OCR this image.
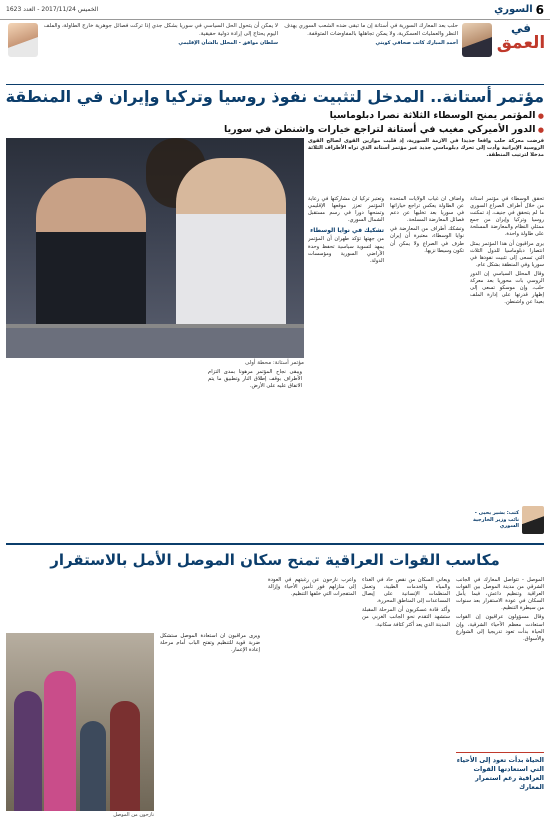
6
السوري
الخميس 2017/11/24 - العدد 1623
في
العمق
حلب بعد المعارك السورية في أستانة إن ما تبقى ضده الشعب السوري يهدف النظر والعمليات العسكرية، ولا يمكن تجاهلها بالمفاوضات المتوقفة.
أحمد المبارك كاتب صحافي كويتي
لا يمكن أن يتحول الحل السياسي في سوريا بشكل جدي إذا تركت فصائل جوهرية خارج الطاولة، والملف اليوم يحتاج إلى إرادة دولية حقيقية.
سلطان موافق - المحلل بالشأن الإقليمي
مؤتمر أستانة.. المدخل لتثبيت نفوذ روسيا وتركيا وإيران في المنطقة
● المؤتمر يمنح الوسطاء الثلاثة نصرا دبلوماسيا
● الدور الأميركي مغيب في أستانة لتراجع خيارات واشنطن في سوريا
مؤتمر أستانة: محطة أولى
فرضت معركة حلب واقعا جديدا في الأزمة السورية، إذ قلبت موازين القوى لصالح القوى الروسية الإيرانية وأدت إلى تحرك دبلوماسي جديد عبر مؤتمر أستانة الذي تراه الأطراف الثلاثة مدخلا لترتيب المنطقة.

تحقق الوسطاء في مؤتمر أستانة من خلال أطراف الصراع السوري ما لم يتحقق في جنيف، إذ تمكنت روسيا وتركيا وإيران من جمع ممثلي النظام والمعارضة المسلحة على طاولة واحدة.

يرى مراقبون أن هذا المؤتمر يمثل انتصارا دبلوماسيا للدول الثلاث التي تسعى إلى تثبيت نفوذها في سوريا وفي المنطقة بشكل عام.

وقال المحلل السياسي إن الدور الروسي بات محوريا بعد معركة حلب، وإن موسكو تسعى إلى إظهار قدرتها على إدارة الملف بعيدا عن واشنطن.

وأضاف أن غياب الولايات المتحدة عن الطاولة يعكس تراجع خياراتها في سوريا بعد تخليها عن دعم فصائل المعارضة المسلحة.

وتشكك أطراف من المعارضة في نوايا الوسطاء، معتبرة أن إيران طرف في الصراع ولا يمكن أن تكون وسيطا نزيها.

وتعتبر تركيا أن مشاركتها في رعاية المؤتمر تعزز موقعها الإقليمي وتمنحها دورا في رسم مستقبل الشمال السوري.

تشكيك في نوايا الوسطاء

من جهتها تؤكد طهران أن المؤتمر يمهد لتسوية سياسية تحفظ وحدة الأراضي السورية ومؤسسات الدولة.

ويبقى نجاح المؤتمر مرهونا بمدى التزام الأطراف بوقف إطلاق النار وتطبيق ما يتم الاتفاق عليه على الأرض.

كتب: بشير يحيى - نائب وزير الخارجية السوري
مكاسب القوات العراقية تمنح سكان الموصل الأمل بالاستقرار

الموصل - تتواصل المعارك في الجانب الشرقي من مدينة الموصل بين القوات العراقية وتنظيم داعش، فيما يأمل السكان في عودة الاستقرار بعد سنوات من سيطرة التنظيم.

وقال مسؤولون عراقيون إن القوات استعادت معظم الأحياء الشرقية، وإن الحياة بدأت تعود تدريجيا إلى الشوارع والأسواق.

ويعاني السكان من نقص حاد في الغذاء والمياه والخدمات الطبية، وتعمل المنظمات الإنسانية على إيصال المساعدات إلى المناطق المحررة.

وأكد قادة عسكريون أن المرحلة المقبلة ستشهد التقدم نحو الجانب الغربي من المدينة الذي يعد أكثر كثافة سكانية.

وأعرب نازحون عن رغبتهم في العودة إلى منازلهم فور تأمين الأحياء وإزالة المتفجرات التي خلفها التنظيم.

ويرى مراقبون أن استعادة الموصل ستشكل ضربة قوية للتنظيم وتفتح الباب أمام مرحلة إعادة الإعمار.

الحياة بدأت تعود إلى الأحياء التي استعادتها القوات العراقية رغم استمرار المعارك
نازحون من الموصل
